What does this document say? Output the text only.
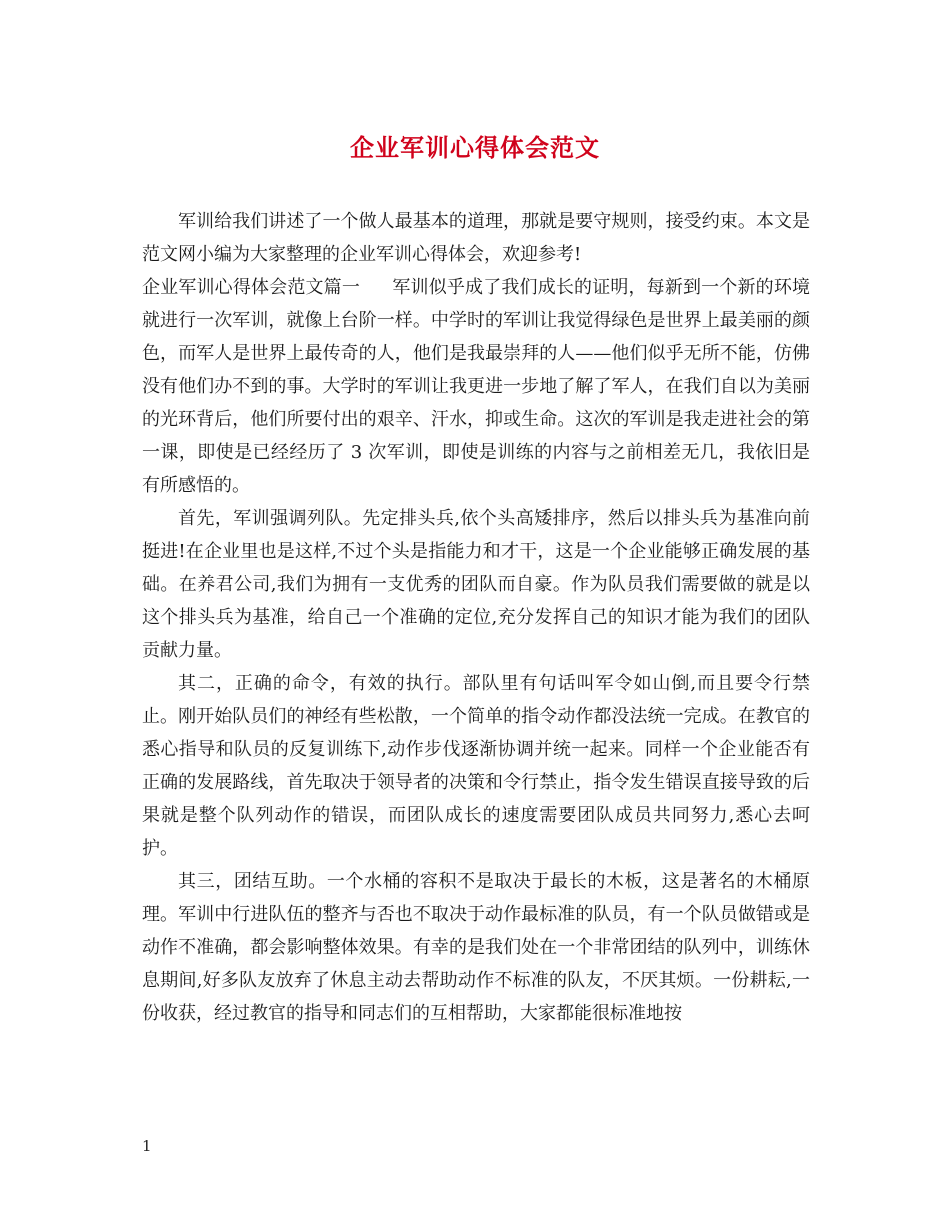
企业军训心得体会范文

军训给我们讲述了一个做人最基本的道理，那就是要守规则，接受约束。本文是范文网小编为大家整理的企业军训心得体会，欢迎参考!

企业军训心得体会范文篇一 军训似乎成了我们成长的证明，每新到一个新的环境就进行一次军训，就像上台阶一样。中学时的军训让我觉得绿色是世界上最美丽的颜色，而军人是世界上最传奇的人，他们是我最崇拜的人——他们似乎无所不能，仿佛没有他们办不到的事。大学时的军训让我更进一步地了解了军人，在我们自以为美丽的光环背后，他们所要付出的艰辛、汗水，抑或生命。这次的军训是我走进社会的第一课，即使是已经经历了 3 次军训，即使是训练的内容与之前相差无几，我依旧是有所感悟的。

首先，军训强调列队。先定排头兵,依个头高矮排序，然后以排头兵为基准向前挺进!在企业里也是这样,不过个头是指能力和才干，这是一个企业能够正确发展的基础。在养君公司,我们为拥有一支优秀的团队而自豪。作为队员我们需要做的就是以这个排头兵为基准，给自己一个准确的定位,充分发挥自己的知识才能为我们的团队贡献力量。

其二，正确的命令，有效的执行。部队里有句话叫军令如山倒,而且要令行禁止。刚开始队员们的神经有些松散，一个简单的指令动作都没法统一完成。在教官的悉心指导和队员的反复训练下,动作步伐逐渐协调并统一起来。同样一个企业能否有正确的发展路线，首先取决于领导者的决策和令行禁止，指令发生错误直接导致的后果就是整个队列动作的错误，而团队成长的速度需要团队成员共同努力,悉心去呵护。

其三，团结互助。一个水桶的容积不是取决于最长的木板，这是著名的木桶原理。军训中行进队伍的整齐与否也不取决于动作最标准的队员，有一个队员做错或是动作不准确，都会影响整体效果。有幸的是我们处在一个非常团结的队列中，训练休息期间,好多队友放弃了休息主动去帮助动作不标准的队友，不厌其烦。一份耕耘,一份收获，经过教官的指导和同志们的互相帮助，大家都能很标准地按

1
